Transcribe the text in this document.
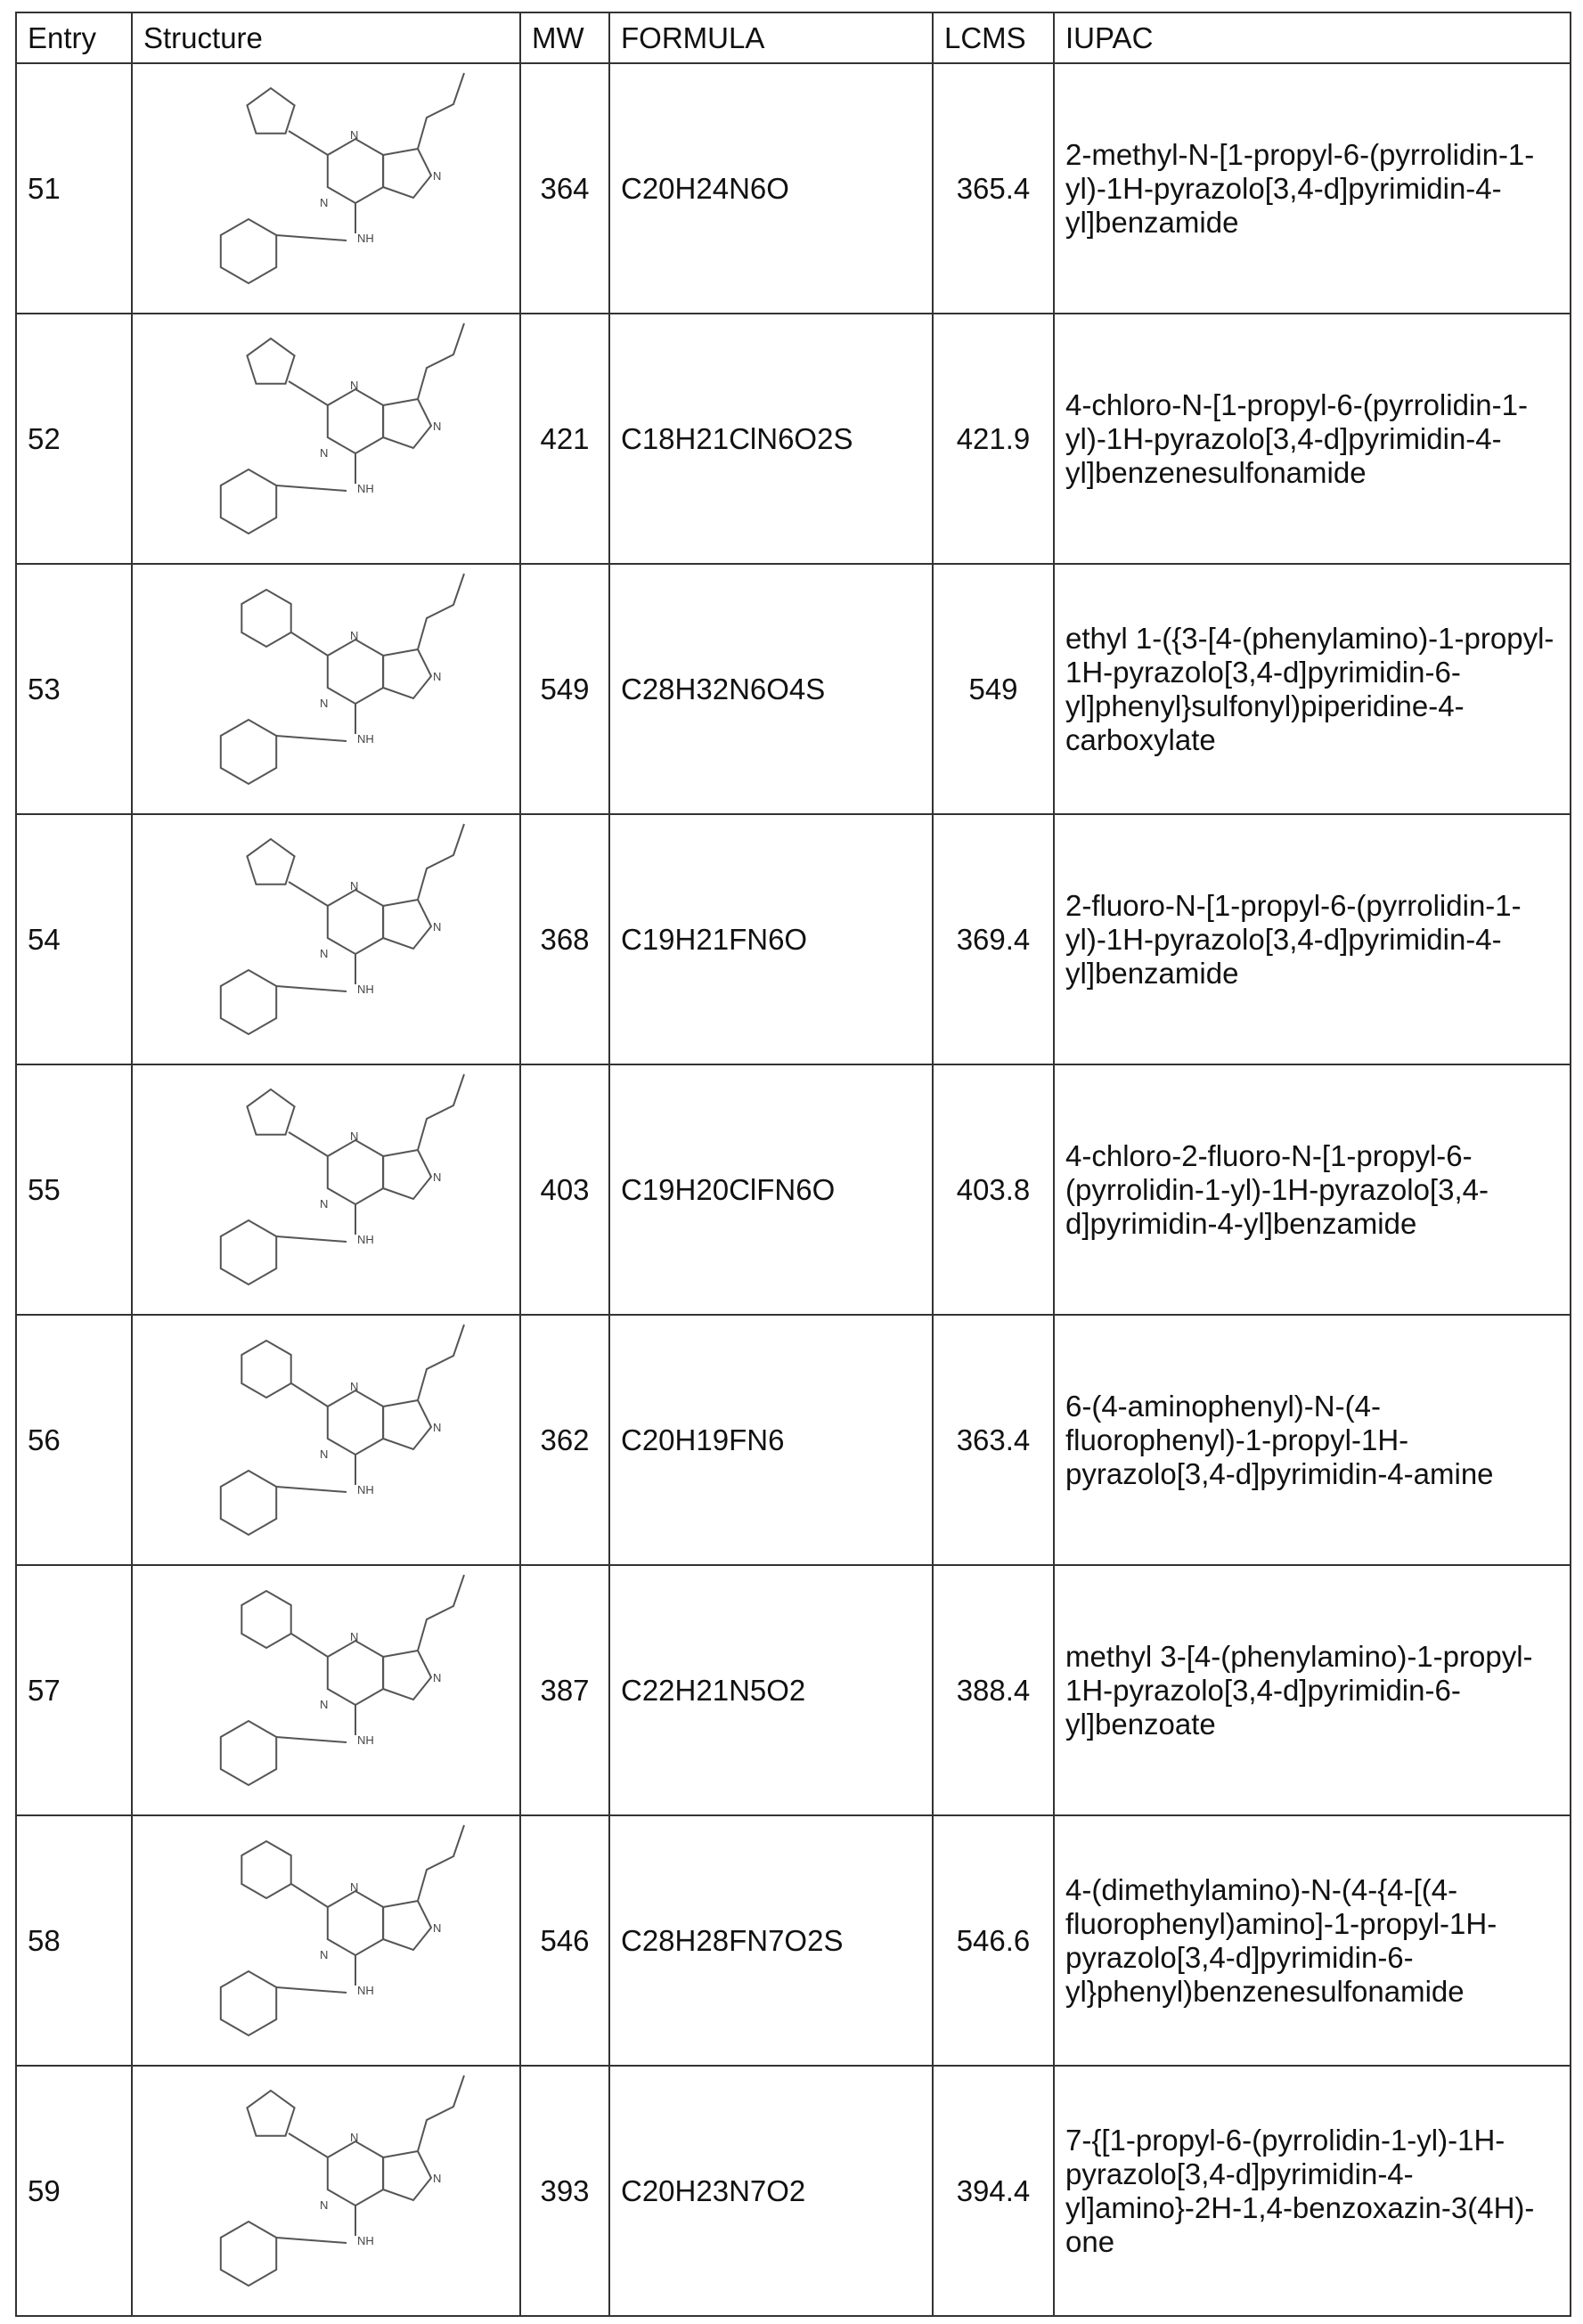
Entry	Structure	MW	FORMULA	LCMS	IUPAC
51	
N
N
N
NH
	364	C20H24N6O	365.4	2-methyl-N-[1-propyl-6-(pyrrolidin-1-yl)-1H-pyrazolo[3,4-d]pyrimidin-4-yl]benzamide
52	
N
N
N
NH
	421	C18H21ClN6O2S	421.9	4-chloro-N-[1-propyl-6-(pyrrolidin-1-yl)-1H-pyrazolo[3,4-d]pyrimidin-4-yl]benzenesulfonamide
53	
N
N
N
NH
	549	C28H32N6O4S	549	ethyl 1-({3-[4-(phenylamino)-1-propyl-1H-pyrazolo[3,4-d]pyrimidin-6-yl]phenyl}sulfonyl)piperidine-4-carboxylate
54	
N
N
N
NH
	368	C19H21FN6O	369.4	2-fluoro-N-[1-propyl-6-(pyrrolidin-1-yl)-1H-pyrazolo[3,4-d]pyrimidin-4-yl]benzamide
55	
N
N
N
NH
	403	C19H20ClFN6O	403.8	4-chloro-2-fluoro-N-[1-propyl-6-(pyrrolidin-1-yl)-1H-pyrazolo[3,4-d]pyrimidin-4-yl]benzamide
56	
N
N
N
NH
	362	C20H19FN6	363.4	6-(4-aminophenyl)-N-(4-fluorophenyl)-1-propyl-1H-pyrazolo[3,4-d]pyrimidin-4-amine
57	
N
N
N
NH
	387	C22H21N5O2	388.4	methyl 3-[4-(phenylamino)-1-propyl-1H-pyrazolo[3,4-d]pyrimidin-6-yl]benzoate
58	
N
N
N
NH
	546	C28H28FN7O2S	546.6	4-(dimethylamino)-N-(4-{4-[(4-fluorophenyl)amino]-1-propyl-1H-pyrazolo[3,4-d]pyrimidin-6-yl}phenyl)benzenesulfonamide
59	
N
N
N
NH
	393	C20H23N7O2	394.4	7-{[1-propyl-6-(pyrrolidin-1-yl)-1H-pyrazolo[3,4-d]pyrimidin-4-yl]amino}-2H-1,4-benzoxazin-3(4H)-one
